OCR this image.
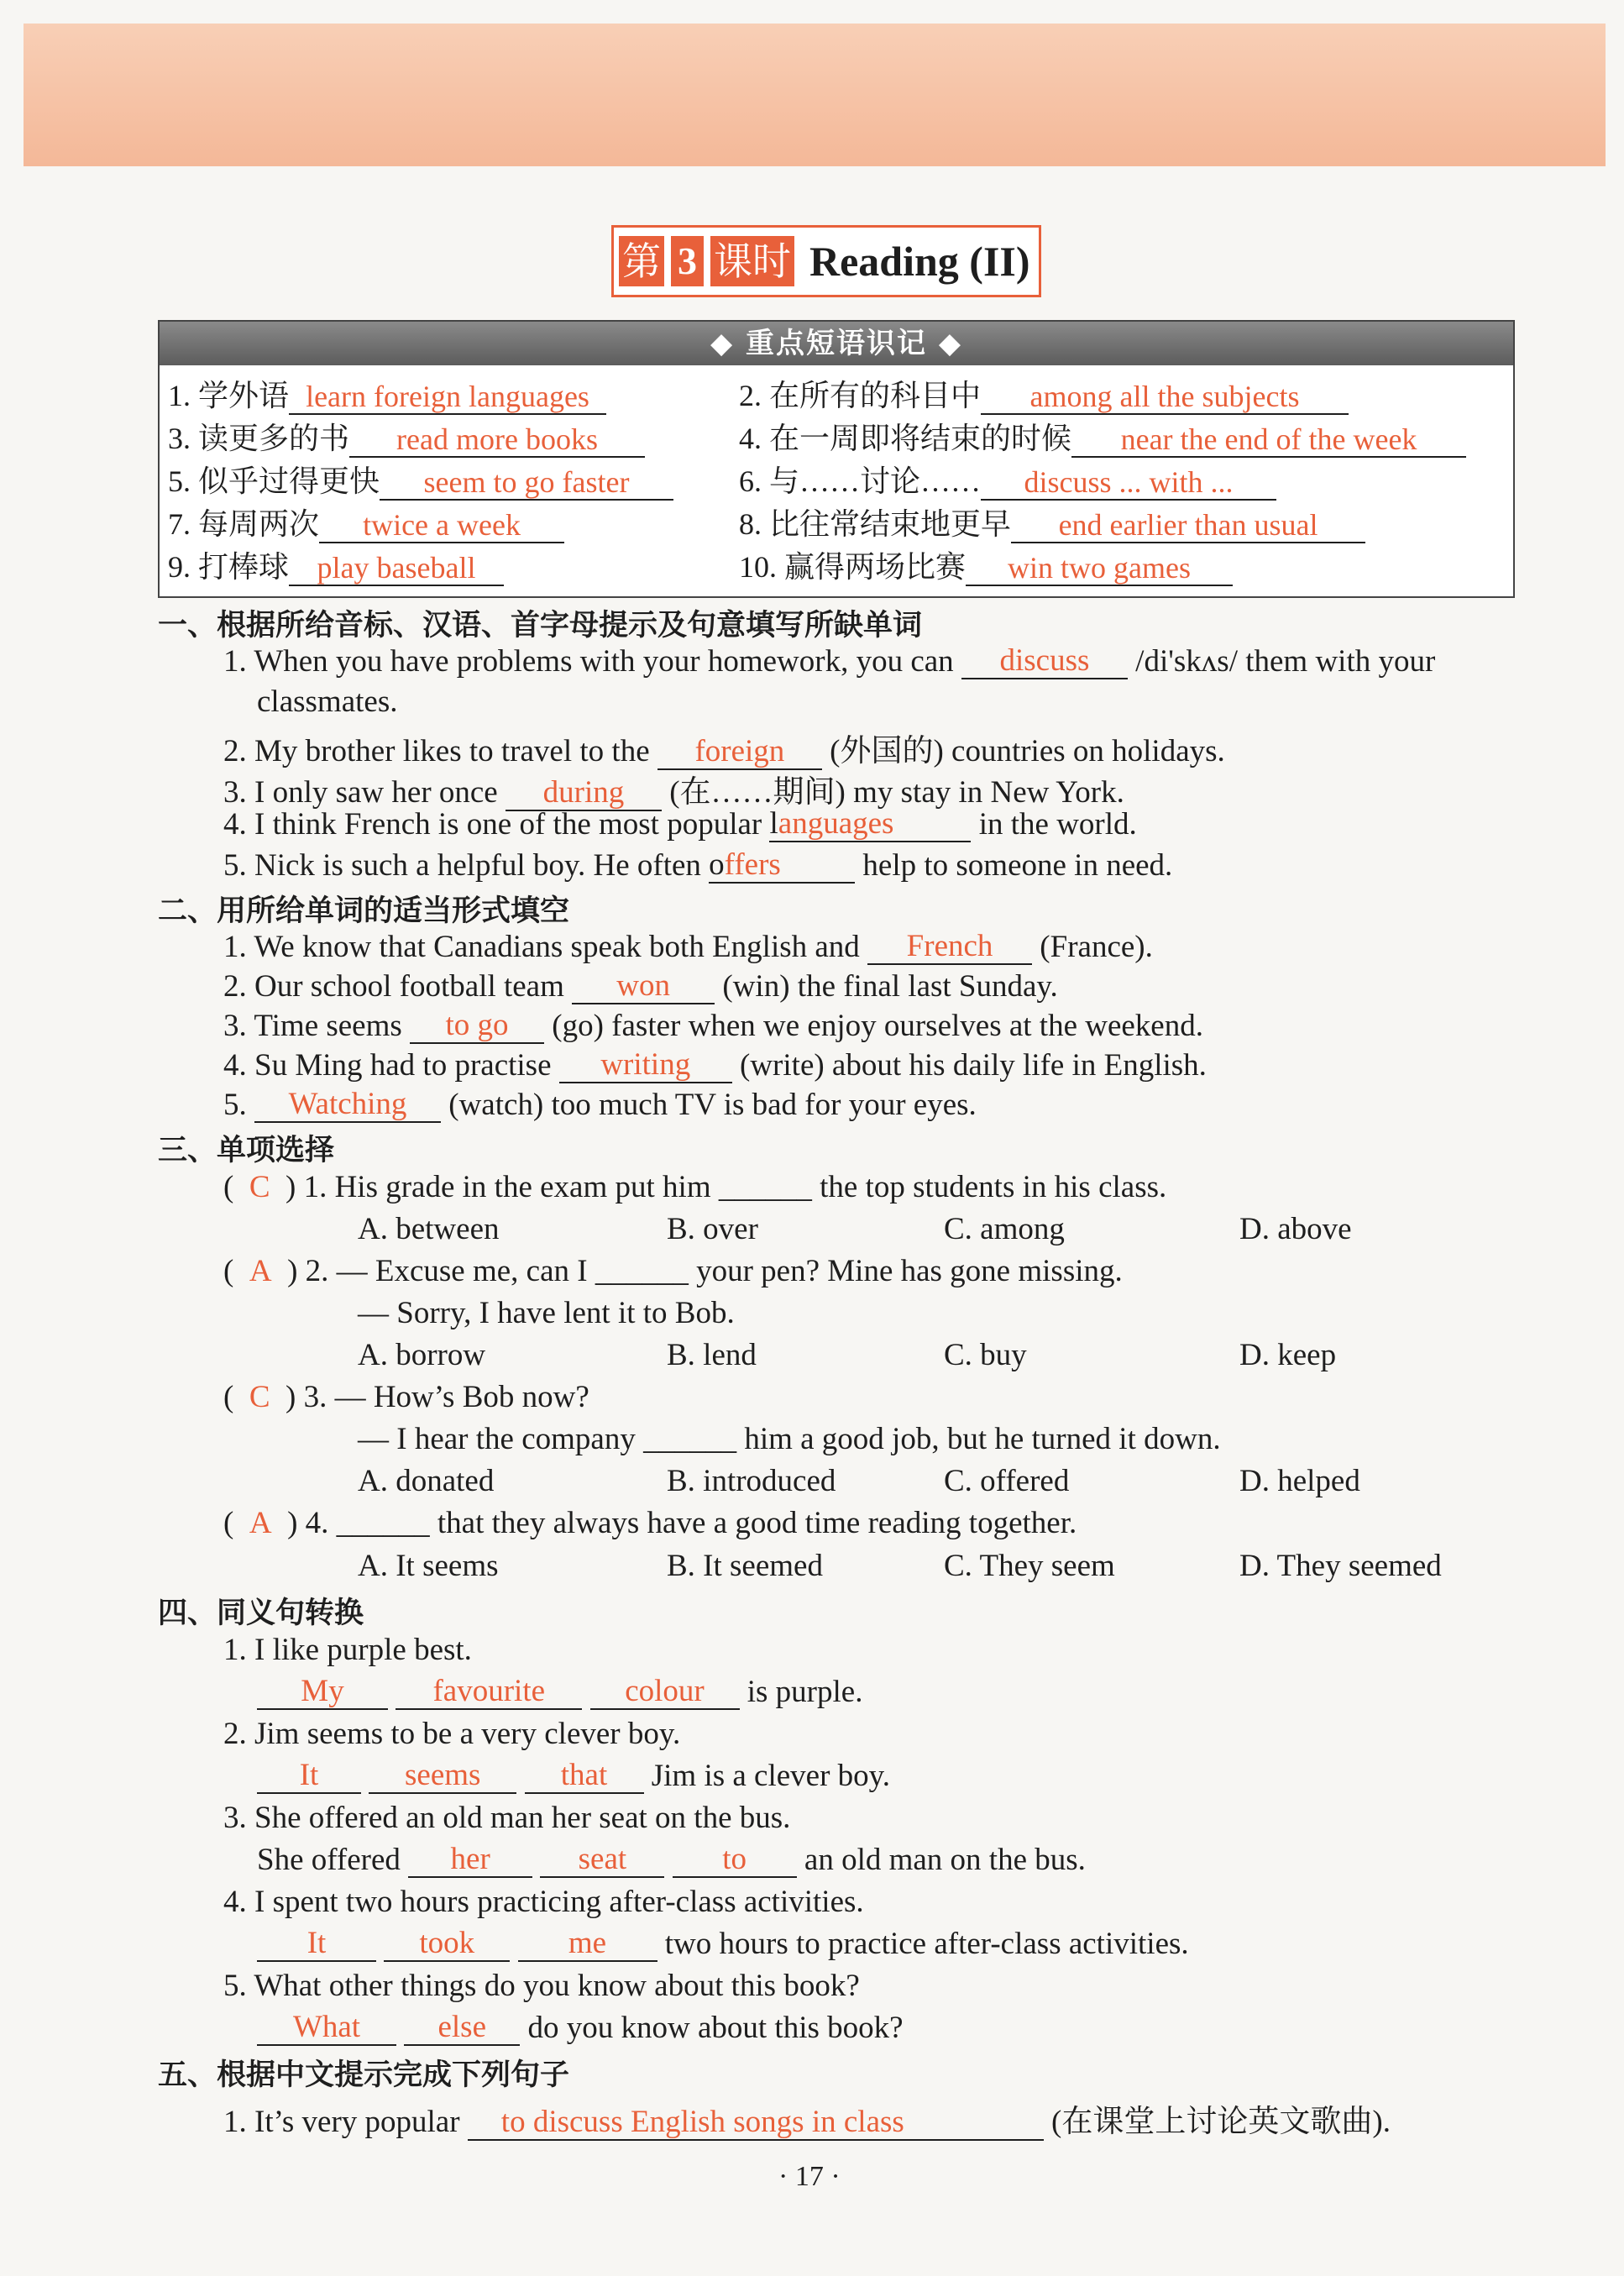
第 3 课时 Reading (II)
◆ 重点短语识记 ◆
1. 学外语 learn foreign languages	2. 在所有的科目中 among all the subjects
3. 读更多的书 read more books	4. 在一周即将结束的时候 near the end of the week
5. 似乎过得更快 seem to go faster	6. 与……讨论…… discuss ... with ...
7. 每周两次 twice a week	8. 比往常结束地更早 end earlier than usual
9. 打棒球 play baseball	10. 赢得两场比赛 win two games
一、根据所给音标、汉语、首字母提示及句意填写所缺单词
1. When you have problems with your homework, you can discuss /di'skʌs/ them with your
classmates.
2. My brother likes to travel to the foreign (外国的) countries on holidays.
3. I only saw her once during (在……期间) my stay in New York.
4. I think French is one of the most popular languages in the world.
5. Nick is such a helpful boy. He often offers help to someone in need.
二、用所给单词的适当形式填空
1. We know that Canadians speak both English and French (France).
2. Our school football team won (win) the final last Sunday.
3. Time seems to go (go) faster when we enjoy ourselves at the weekend.
4. Su Ming had to practise writing (write) about his daily life in English.
5. Watching (watch) too much TV is bad for your eyes.
三、单项选择
(  C ) 1. His grade in the exam put him ______ the top students in his class.
A. between	B. over	C. among	D. above
(  A ) 2. — Excuse me, can I ______ your pen? Mine has gone missing.
— Sorry, I have lent it to Bob.
A. borrow	B. lend	C. buy	D. keep
(  C ) 3. — How’s Bob now?
— I hear the company ______ him a good job, but he turned it down.
A. donated	B. introduced	C. offered	D. helped
(  A ) 4. ______ that they always have a good time reading together.
A. It seems	B. It seemed	C. They seem	D. They seemed
四、同义句转换
1. I like purple best.
My	favourite	colour is purple.
2. Jim seems to be a very clever boy.
It	seems	that Jim is a clever boy.
3. She offered an old man her seat on the bus.
She offered her	seat	to an old man on the bus.
4. I spent two hours practicing after-class activities.
It	took	me two hours to practice after-class activities.
5. What other things do you know about this book?
What else do you know about this book?
五、根据中文提示完成下列句子
1. It’s very popular to discuss English songs in class	(在课堂上讨论英文歌曲).
· 17 ·
